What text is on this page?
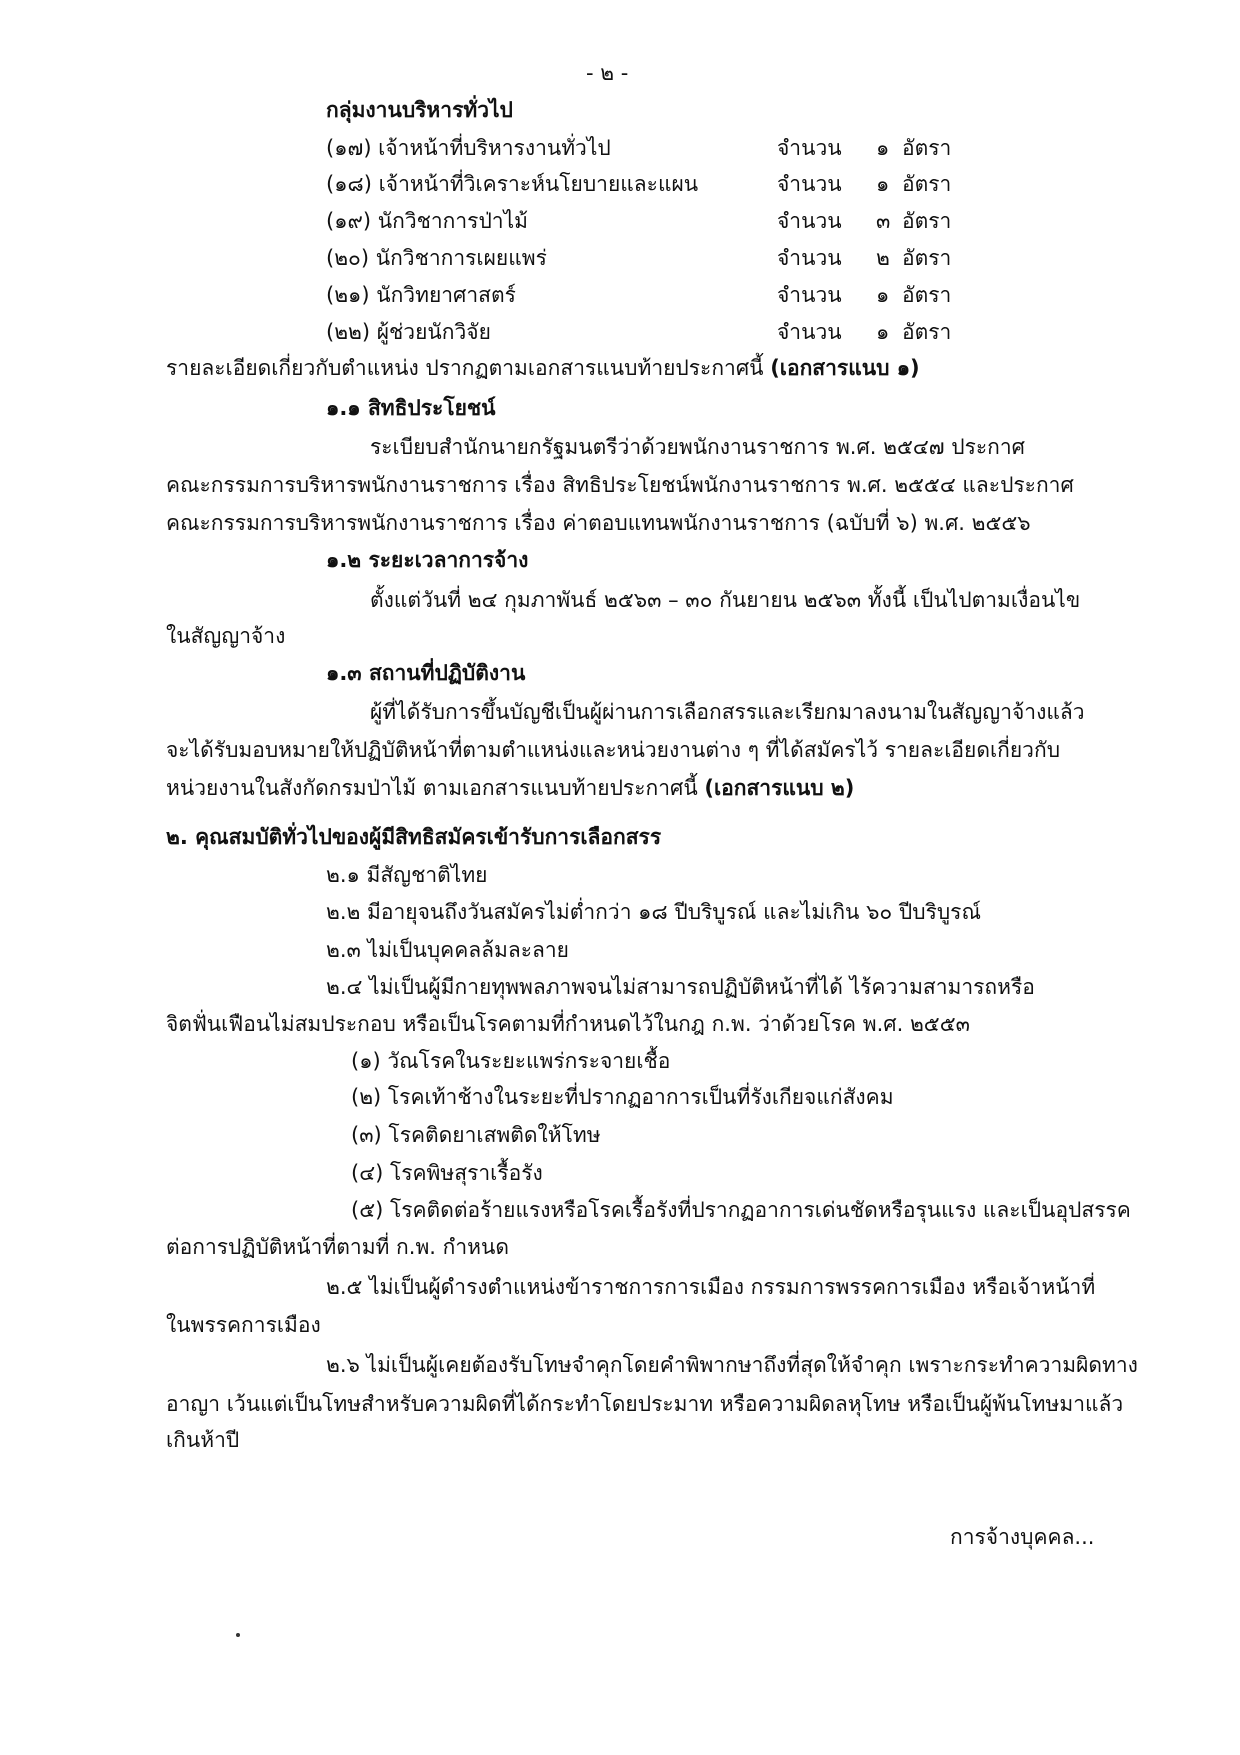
- ๒ -
กลุ่มงานบริหารทั่วไป
(๑๗) เจ้าหน้าที่บริหารงานทั่วไป	จำนวน ๑ อัตรา
(๑๘) เจ้าหน้าที่วิเคราะห์นโยบายและแผน	จำนวน ๑ อัตรา
(๑๙) นักวิชาการป่าไม้	จำนวน ๓ อัตรา
(๒๐) นักวิชาการเผยแพร่	จำนวน ๒ อัตรา
(๒๑) นักวิทยาศาสตร์	จำนวน ๑ อัตรา
(๒๒) ผู้ช่วยนักวิจัย	จำนวน ๑ อัตรา
รายละเอียดเกี่ยวกับตำแหน่ง ปรากฏตามเอกสารแนบท้ายประกาศนี้ (เอกสารแนบ ๑)
๑.๑ สิทธิประโยชน์
ระเบียบสำนักนายกรัฐมนตรีว่าด้วยพนักงานราชการ พ.ศ. ๒๕๔๗ ประกาศ
คณะกรรมการบริหารพนักงานราชการ เรื่อง สิทธิประโยชน์พนักงานราชการ พ.ศ. ๒๕๕๔ และประกาศ
คณะกรรมการบริหารพนักงานราชการ เรื่อง ค่าตอบแทนพนักงานราชการ (ฉบับที่ ๖) พ.ศ. ๒๕๕๖
๑.๒ ระยะเวลาการจ้าง
ตั้งแต่วันที่ ๒๔ กุมภาพันธ์ ๒๕๖๓ – ๓๐ กันยายน ๒๕๖๓ ทั้งนี้ เป็นไปตามเงื่อนไข
ในสัญญาจ้าง
๑.๓ สถานที่ปฏิบัติงาน
ผู้ที่ได้รับการขึ้นบัญชีเป็นผู้ผ่านการเลือกสรรและเรียกมาลงนามในสัญญาจ้างแล้ว
จะได้รับมอบหมายให้ปฏิบัติหน้าที่ตามตำแหน่งและหน่วยงานต่าง ๆ ที่ได้สมัครไว้ รายละเอียดเกี่ยวกับ
หน่วยงานในสังกัดกรมป่าไม้ ตามเอกสารแนบท้ายประกาศนี้ (เอกสารแนบ ๒)
๒. คุณสมบัติทั่วไปของผู้มีสิทธิสมัครเข้ารับการเลือกสรร
๒.๑ มีสัญชาติไทย
๒.๒ มีอายุจนถึงวันสมัครไม่ต่ำกว่า ๑๘ ปีบริบูรณ์ และไม่เกิน ๖๐ ปีบริบูรณ์
๒.๓ ไม่เป็นบุคคลล้มละลาย
๒.๔ ไม่เป็นผู้มีกายทุพพลภาพจนไม่สามารถปฏิบัติหน้าที่ได้ ไร้ความสามารถหรือ
จิตฟั่นเฟือนไม่สมประกอบ หรือเป็นโรคตามที่กำหนดไว้ในกฎ ก.พ. ว่าด้วยโรค พ.ศ. ๒๕๕๓
(๑) วัณโรคในระยะแพร่กระจายเชื้อ
(๒) โรคเท้าช้างในระยะที่ปรากฏอาการเป็นที่รังเกียจแก่สังคม
(๓) โรคติดยาเสพติดให้โทษ
(๔) โรคพิษสุราเรื้อรัง
(๕) โรคติดต่อร้ายแรงหรือโรคเรื้อรังที่ปรากฏอาการเด่นชัดหรือรุนแรง และเป็นอุปสรรค
ต่อการปฏิบัติหน้าที่ตามที่ ก.พ. กำหนด
๒.๕ ไม่เป็นผู้ดำรงตำแหน่งข้าราชการการเมือง กรรมการพรรคการเมือง หรือเจ้าหน้าที่
ในพรรคการเมือง
๒.๖ ไม่เป็นผู้เคยต้องรับโทษจำคุกโดยคำพิพากษาถึงที่สุดให้จำคุก เพราะกระทำความผิดทาง
อาญา เว้นแต่เป็นโทษสำหรับความผิดที่ได้กระทำโดยประมาท หรือความผิดลหุโทษ หรือเป็นผู้พ้นโทษมาแล้ว
เกินห้าปี
การจ้างบุคคล...
